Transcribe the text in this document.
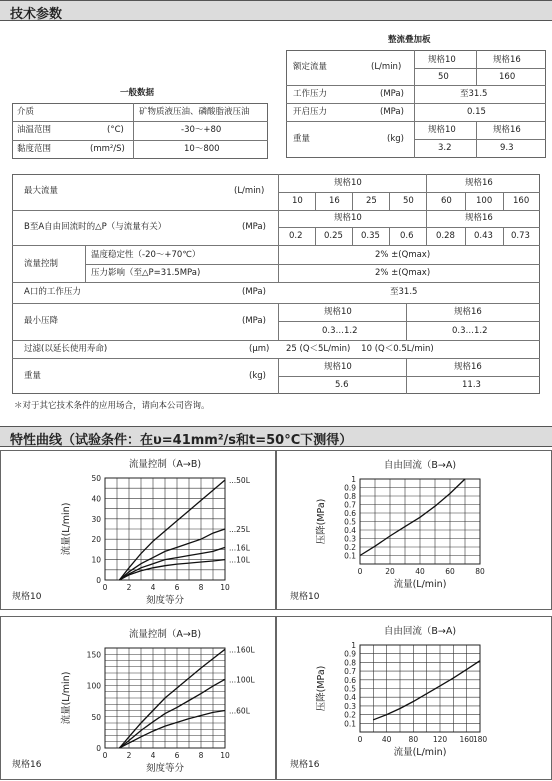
技术参数
整流叠加板
额定流量	(L/min)
规格10	规格16
50	160
工作压力	(MPa)	至31.5
开启压力	(MPa)	0.15
重量	(kg)
规格10	规格16
3.2	9.3
一般数据
介质	矿物质液压油、磷酸脂液压油
油温范围	(°C)	-30～+80
黏度范围	(mm²/S)	10～800
最大流量	(L/min)
规格10	规格16
10	16	25	50	60	100 160
B至A自由回流时的△P（与流量有关）	(MPa)
规格10	规格16
0.2	0.25 0.35 0.6	0.28 0.43 0.73
流量控制
温度稳定性（-20～+70℃）	2% ±(Qmax)
压力影响（至△P=31.5MPa)	2% ±(Qmax)
A口的工作压力	(MPa)	至31.5
最小压降	(MPa)
规格10	规格16
0.3…1.2	0.3…1.2
过滤(以延长使用寿命)	(μm) 25 (Q＜5L/min)    10 (Q＜0.5L/min)
重量	(kg)
规格10	规格16
5.6	11.3
＊对于其它技术条件的应用场合，请向本公司咨询。
特性曲线（试验条件：在υ=41mm²/s和t=50°C下测得）
规格10	规格10
规格16	规格16
0	2	4	6	8 10
0
10
20
30
40
50
流量控制（A→B)
刻度等分
流量(L/min)
...50L
...25L
...16L
...10L
0	20	40	60	80
0.1
0.2
0.3
0.4
0.5
0.6
0.7
0.8
0.9
1
自由回流（B→A)
流量(L/min)
压降(MPa)
0	2	4	6	8 10
0
50
100
150
流量控制（A→B)
刻度等分
流量(L/min)
...160L
...100L
...60L
0	40 80 120 160 180
0.1
0.2
0.3
0.4
0.5
0.6
0.7
0.8
0.9
1
自由回流（B→A)
流量(L/min)
压降(MPa)
